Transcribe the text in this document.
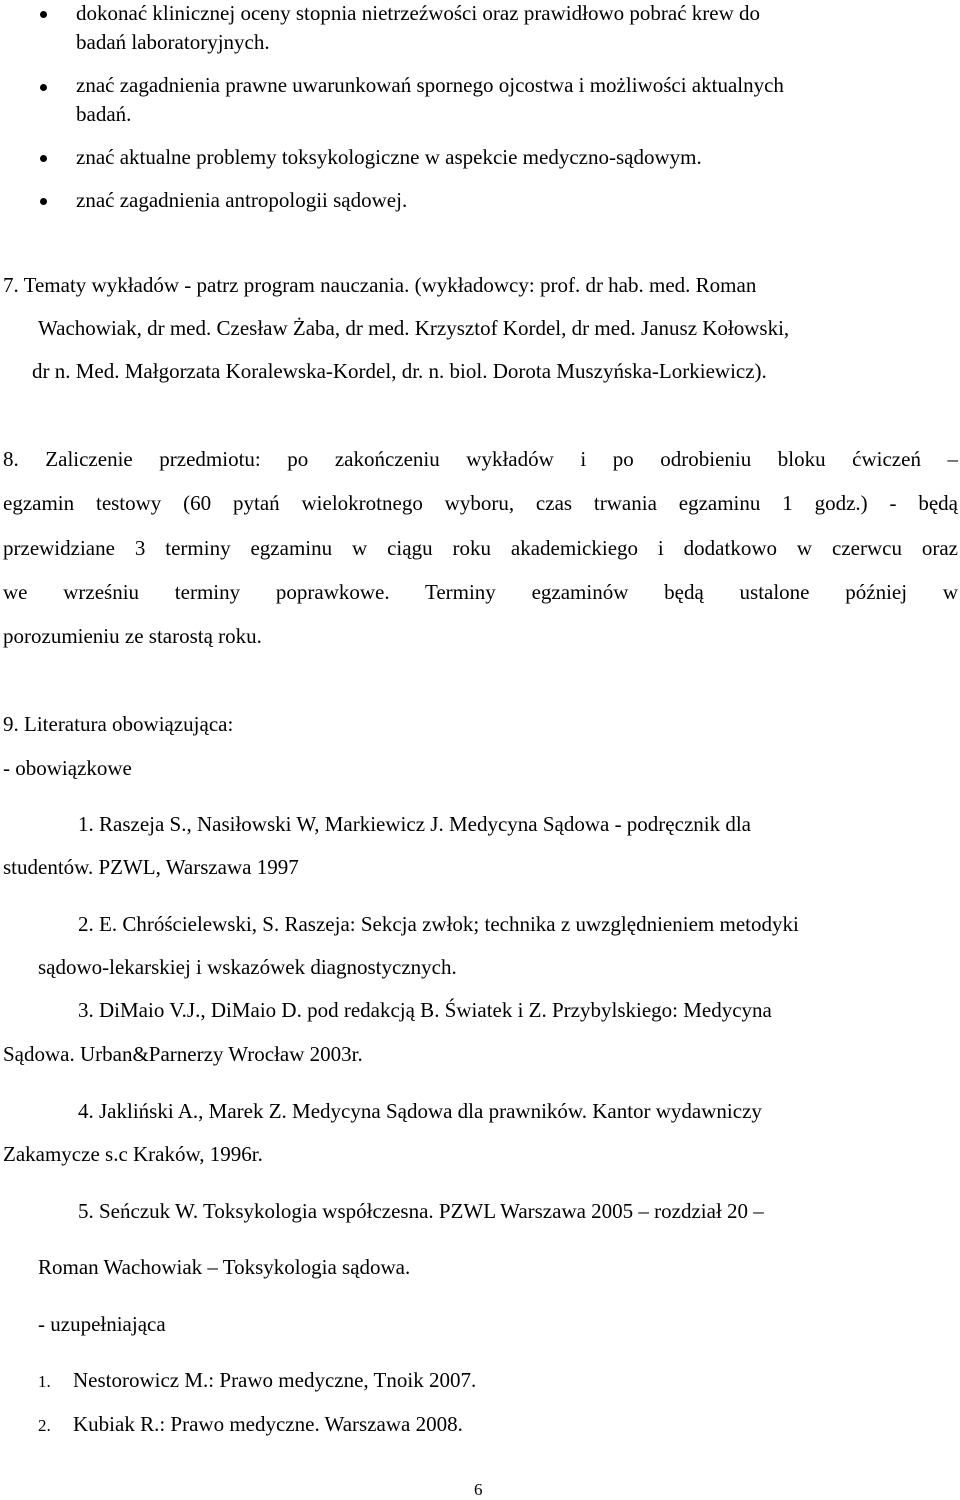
dokonać klinicznej oceny stopnia nietrzeźwości oraz prawidłowo pobrać krew do
badań laboratoryjnych.
znać zagadnienia prawne uwarunkowań spornego ojcostwa i możliwości aktualnych
badań.
znać aktualne problemy toksykologiczne w aspekcie medyczno-sądowym.
znać zagadnienia antropologii sądowej.
7. Tematy wykładów - patrz program nauczania. (wykładowcy: prof. dr hab. med. Roman
Wachowiak, dr med. Czesław Żaba, dr med. Krzysztof Kordel, dr med. Janusz Kołowski,
dr n. Med. Małgorzata Koralewska-Kordel, dr. n. biol. Dorota Muszyńska-Lorkiewicz).
8. Zaliczenie przedmiotu: po zakończeniu wykładów i po odrobieniu bloku ćwiczeń –
egzamin testowy (60 pytań wielokrotnego wyboru, czas trwania egzaminu 1 godz.) - będą
przewidziane 3 terminy egzaminu w ciągu roku akademickiego i dodatkowo w czerwcu oraz
we wrześniu terminy poprawkowe. Terminy egzaminów będą ustalone później w
porozumieniu ze starostą roku.
9. Literatura obowiązująca:
- obowiązkowe
1. Raszeja S., Nasiłowski W, Markiewicz J. Medycyna Sądowa - podręcznik dla
studentów. PZWL, Warszawa 1997
2. E. Chróścielewski, S. Raszeja: Sekcja zwłok; technika z uwzględnieniem metodyki
sądowo-lekarskiej i wskazówek diagnostycznych.
3. DiMaio V.J., DiMaio D. pod redakcją B. Światek i Z. Przybylskiego: Medycyna
Sądowa. Urban&Parnerzy Wrocław 2003r.
4. Jakliński A., Marek Z. Medycyna Sądowa dla prawników. Kantor wydawniczy
Zakamycze s.c Kraków, 1996r.
5. Seńczuk W. Toksykologia współczesna. PZWL Warszawa 2005 – rozdział 20 –
Roman Wachowiak – Toksykologia sądowa.
- uzupełniająca
1. Nestorowicz M.: Prawo medyczne, Tnoik 2007.
2. Kubiak R.: Prawo medyczne. Warszawa 2008.
6
